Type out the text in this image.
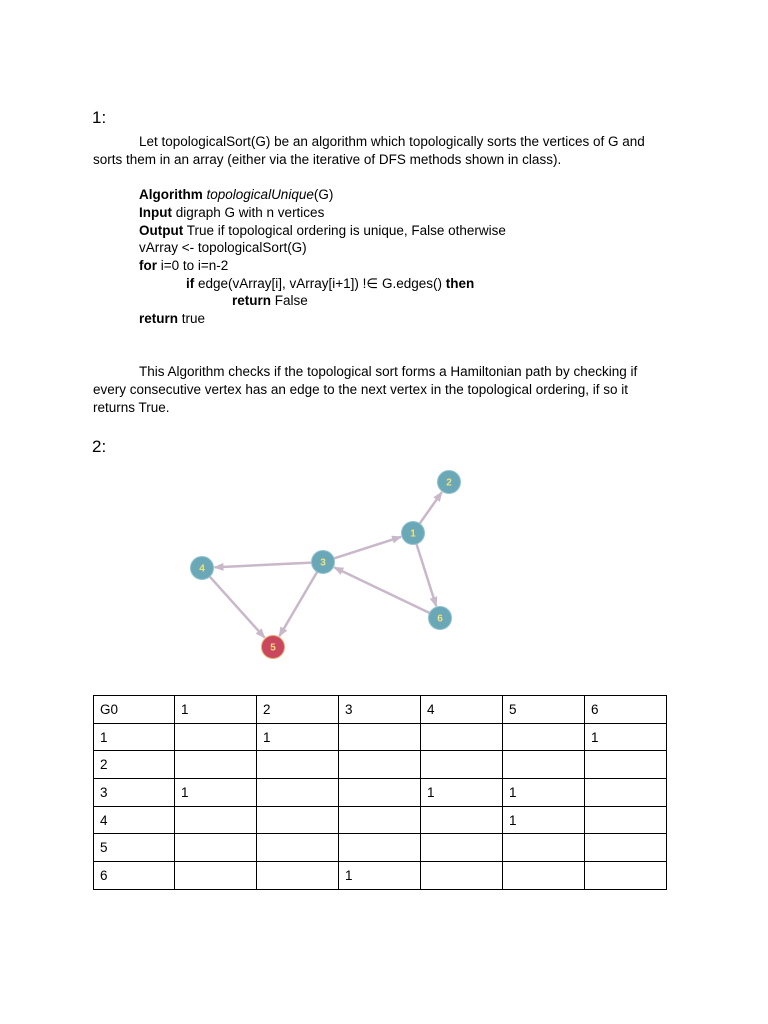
1:
Let topologicalSort(G) be an algorithm which topologically sorts the vertices of G and
sorts them in an array (either via the iterative of DFS methods shown in class).
Algorithm topologicalUnique(G)
Input digraph G with n vertices
Output True if topological ordering is unique, False otherwise
vArray <- topologicalSort(G)
for i=0 to i=n-2
if edge(vArray[i], vArray[i+1]) !∈ G.edges() then
return False
return true
This Algorithm checks if the topological sort forms a Hamiltonian path by checking if
every consecutive vertex has an edge to the next vertex in the topological ordering, if so it
returns True.
2:
1
2
3
4
5
6
G0	1	2	3	4	5	6
1		1				1
2						
3	1			1	1	
4					1	
5						
6			1			
